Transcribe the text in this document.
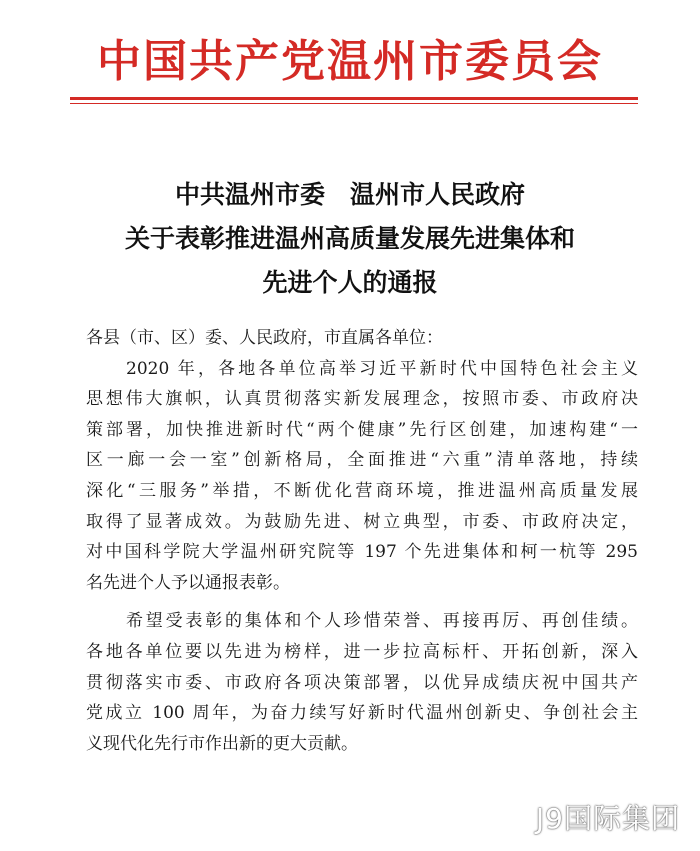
中国共产党温州市委员会
中共温州市委　温州市人民政府
关于表彰推进温州高质量发展先进集体和
先进个人的通报
各县（市、区）委、人民政府，市直属各单位：
2020 年，各地各单位高举习近平新时代中国特色社会主义
思想伟大旗帜，认真贯彻落实新发展理念，按照市委、市政府决
策部署，加快推进新时代“两个健康”先行区创建，加速构建“一
区一廊一会一室”创新格局，全面推进“六重”清单落地，持续
深化“三服务”举措，不断优化营商环境，推进温州高质量发展
取得了显著成效。为鼓励先进、树立典型，市委、市政府决定，
对中国科学院大学温州研究院等 197 个先进集体和柯一杭等 295
名先进个人予以通报表彰。
希望受表彰的集体和个人珍惜荣誉、再接再厉、再创佳绩。
各地各单位要以先进为榜样，进一步拉高标杆、开拓创新，深入
贯彻落实市委、市政府各项决策部署，以优异成绩庆祝中国共产
党成立 100 周年，为奋力续写好新时代温州创新史、争创社会主
义现代化先行市作出新的更大贡献。
J9国际集团
